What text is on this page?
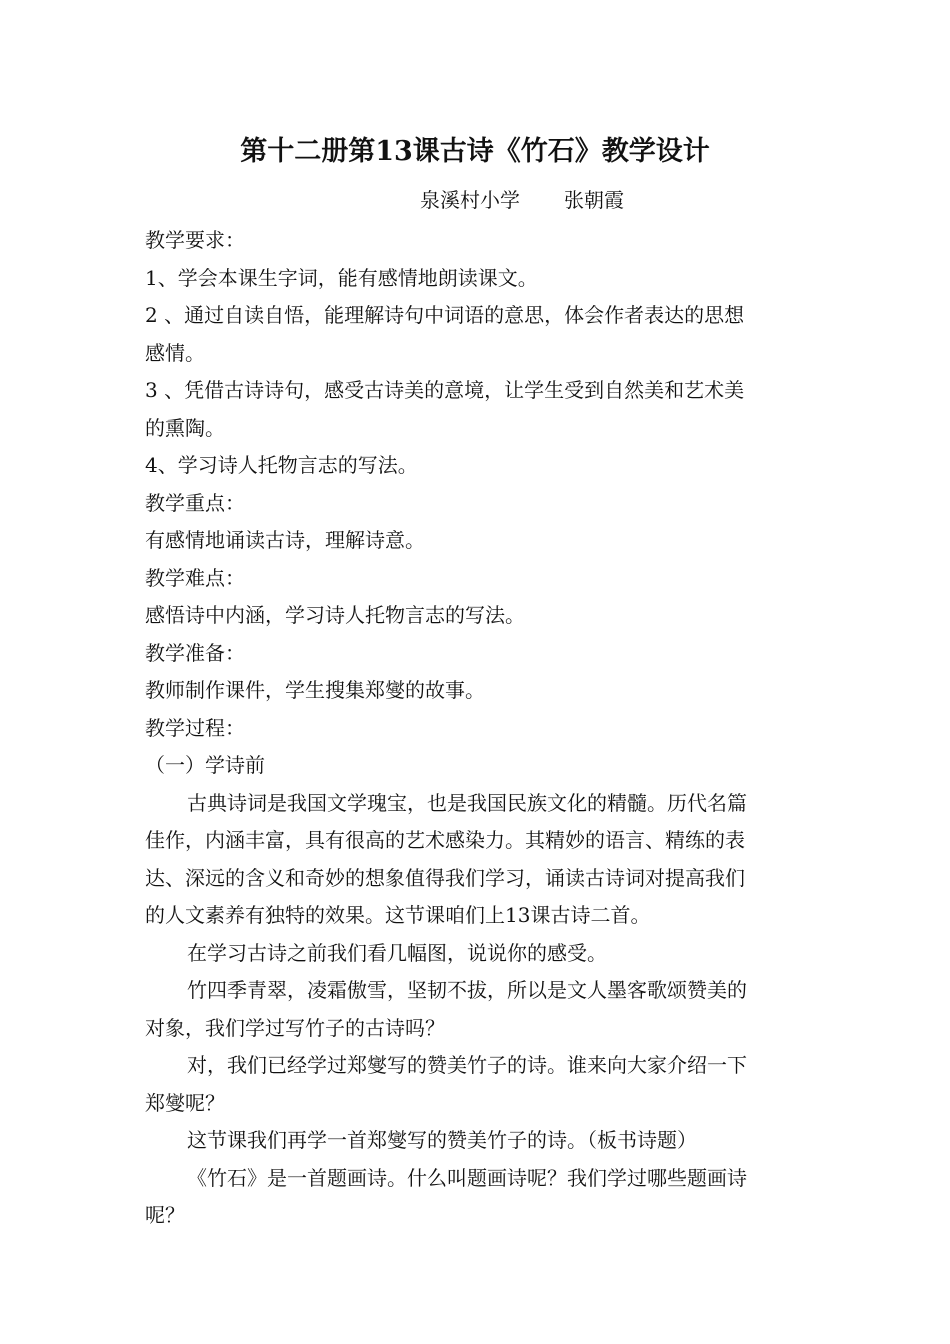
第十二册第13课古诗《竹石》教学设计
泉溪村小学 张朝霞

教学要求：

1、学会本课生字词，能有感情地朗读课文。

2 、通过自读自悟，能理解诗句中词语的意思，体会作者表达的思想

感情。

3 、凭借古诗诗句，感受古诗美的意境，让学生受到自然美和艺术美

的熏陶。

4、学习诗人托物言志的写法。

教学重点：

有感情地诵读古诗，理解诗意。

教学难点：

感悟诗中内涵，学习诗人托物言志的写法。

教学准备：

教师制作课件，学生搜集郑燮的故事。

教学过程：

（一）学诗前

古典诗词是我国文学瑰宝，也是我国民族文化的精髓。历代名篇

佳作，内涵丰富，具有很高的艺术感染力。其精妙的语言、精练的表

达、深远的含义和奇妙的想象值得我们学习，诵读古诗词对提高我们

的人文素养有独特的效果。这节课咱们上13课古诗二首。

在学习古诗之前我们看几幅图，说说你的感受。

竹四季青翠，凌霜傲雪，坚韧不拔，所以是文人墨客歌颂赞美的

对象，我们学过写竹子的古诗吗？

对，我们已经学过郑燮写的赞美竹子的诗。谁来向大家介绍一下

郑燮呢？

这节课我们再学一首郑燮写的赞美竹子的诗。（板书诗题）

《竹石》是一首题画诗。什么叫题画诗呢？我们学过哪些题画诗

呢？
